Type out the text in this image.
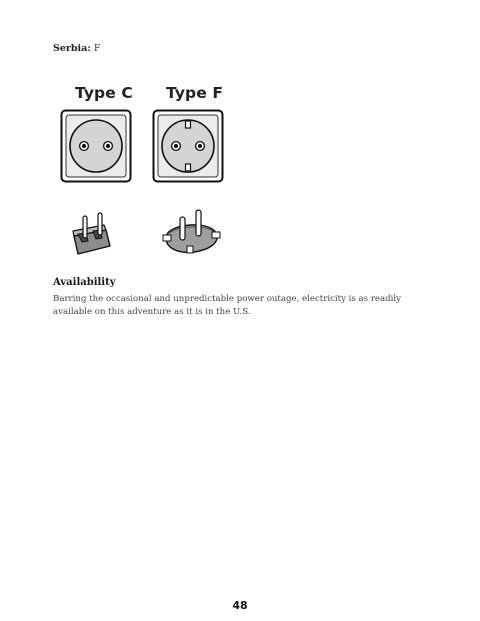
Serbia: F
Type C Type F
Availability
Barring the occasional and unpredictable power outage, electricity is as readily available on this adventure as it is in the U.S.
48
